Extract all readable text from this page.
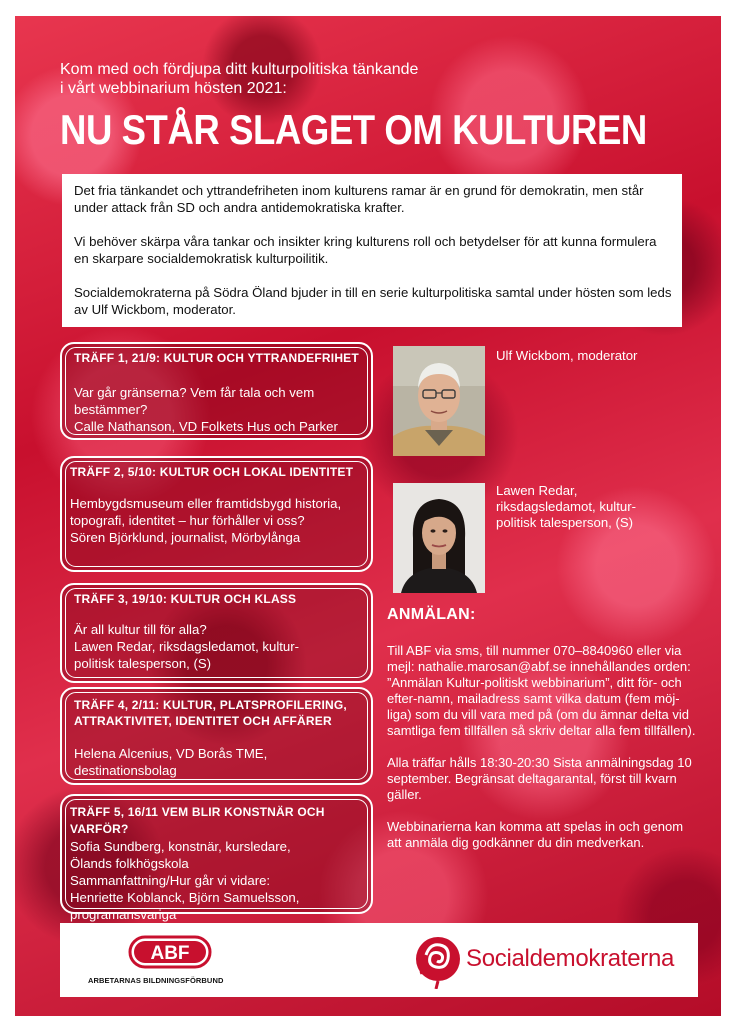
Kom med och fördjupa ditt kulturpolitiska tänkande i vårt webbinarium hösten 2021:
NU STÅR SLAGET OM KULTUREN

Det fria tänkandet och yttrandefriheten inom kulturens ramar är en grund för demokratin, men står under attack från SD och andra antidemokratiska krafter.

Vi behöver skärpa våra tankar och insikter kring kulturens roll och betydelser för att kunna formulera en skarpare socialdemokratisk kulturpoilitik.

Socialdemokraterna på Södra Öland bjuder in till en serie kulturpolitiska samtal under hösten som leds av Ulf Wickbom, moderator.

TRÄFF 1, 21/9: KULTUR OCH YTTRANDEFRIHET
Var går gränserna? Vem får tala och vem bestämmer?
Calle Nathanson, VD Folkets Hus och Parker
TRÄFF 2, 5/10: KULTUR OCH LOKAL IDENTITET
Hembygdsmuseum eller framtidsbygd historia, topografi, identitet – hur förhåller vi oss?
Sören Björklund, journalist, Mörbylånga
TRÄFF 3, 19/10: KULTUR OCH KLASS
Är all kultur till för alla?
Lawen Redar, riksdagsledamot, kultur-politisk talesperson, (S)
TRÄFF 4, 2/11: KULTUR, PLATSPROFILERING, ATTRAKTIVITET, IDENTITET OCH AFFÄRER
Helena Alcenius, VD Borås TME, destinationsbolag
TRÄFF 5, 16/11 VEM BLIR KONSTNÄR OCH VARFÖR?
Sofia Sundberg, konstnär, kursledare, Ölands folkhögskola
Sammanfattning/Hur går vi vidare:
Henriette Koblanck, Björn Samuelsson, programansvariga
Ulf Wickbom, moderator
Lawen Redar, riksdagsledamot, kultur-politisk talesperson, (S)
ANMÄLAN:

Till ABF via sms, till nummer 070–8840960 eller via mejl: nathalie.marosan@abf.se innehållandes orden: ”Anmälan Kultur-politiskt webbinarium”, ditt för- och efter-namn, mailadress samt vilka datum (fem möj-liga) som du vill vara med på (om du ämnar delta vid samtliga fem tillfällen så skriv deltar alla fem tillfällen).

Alla träffar hålls 18:30-20:30 Sista anmälningsdag 10 september. Begränsat deltagarantal, först till kvarn gäller.

Webbinarierna kan komma att spelas in och genom att anmäla dig godkänner du din medverkan.

ABF
ARBETARNAS BILDNINGSFÖRBUND
Socialdemokraterna
